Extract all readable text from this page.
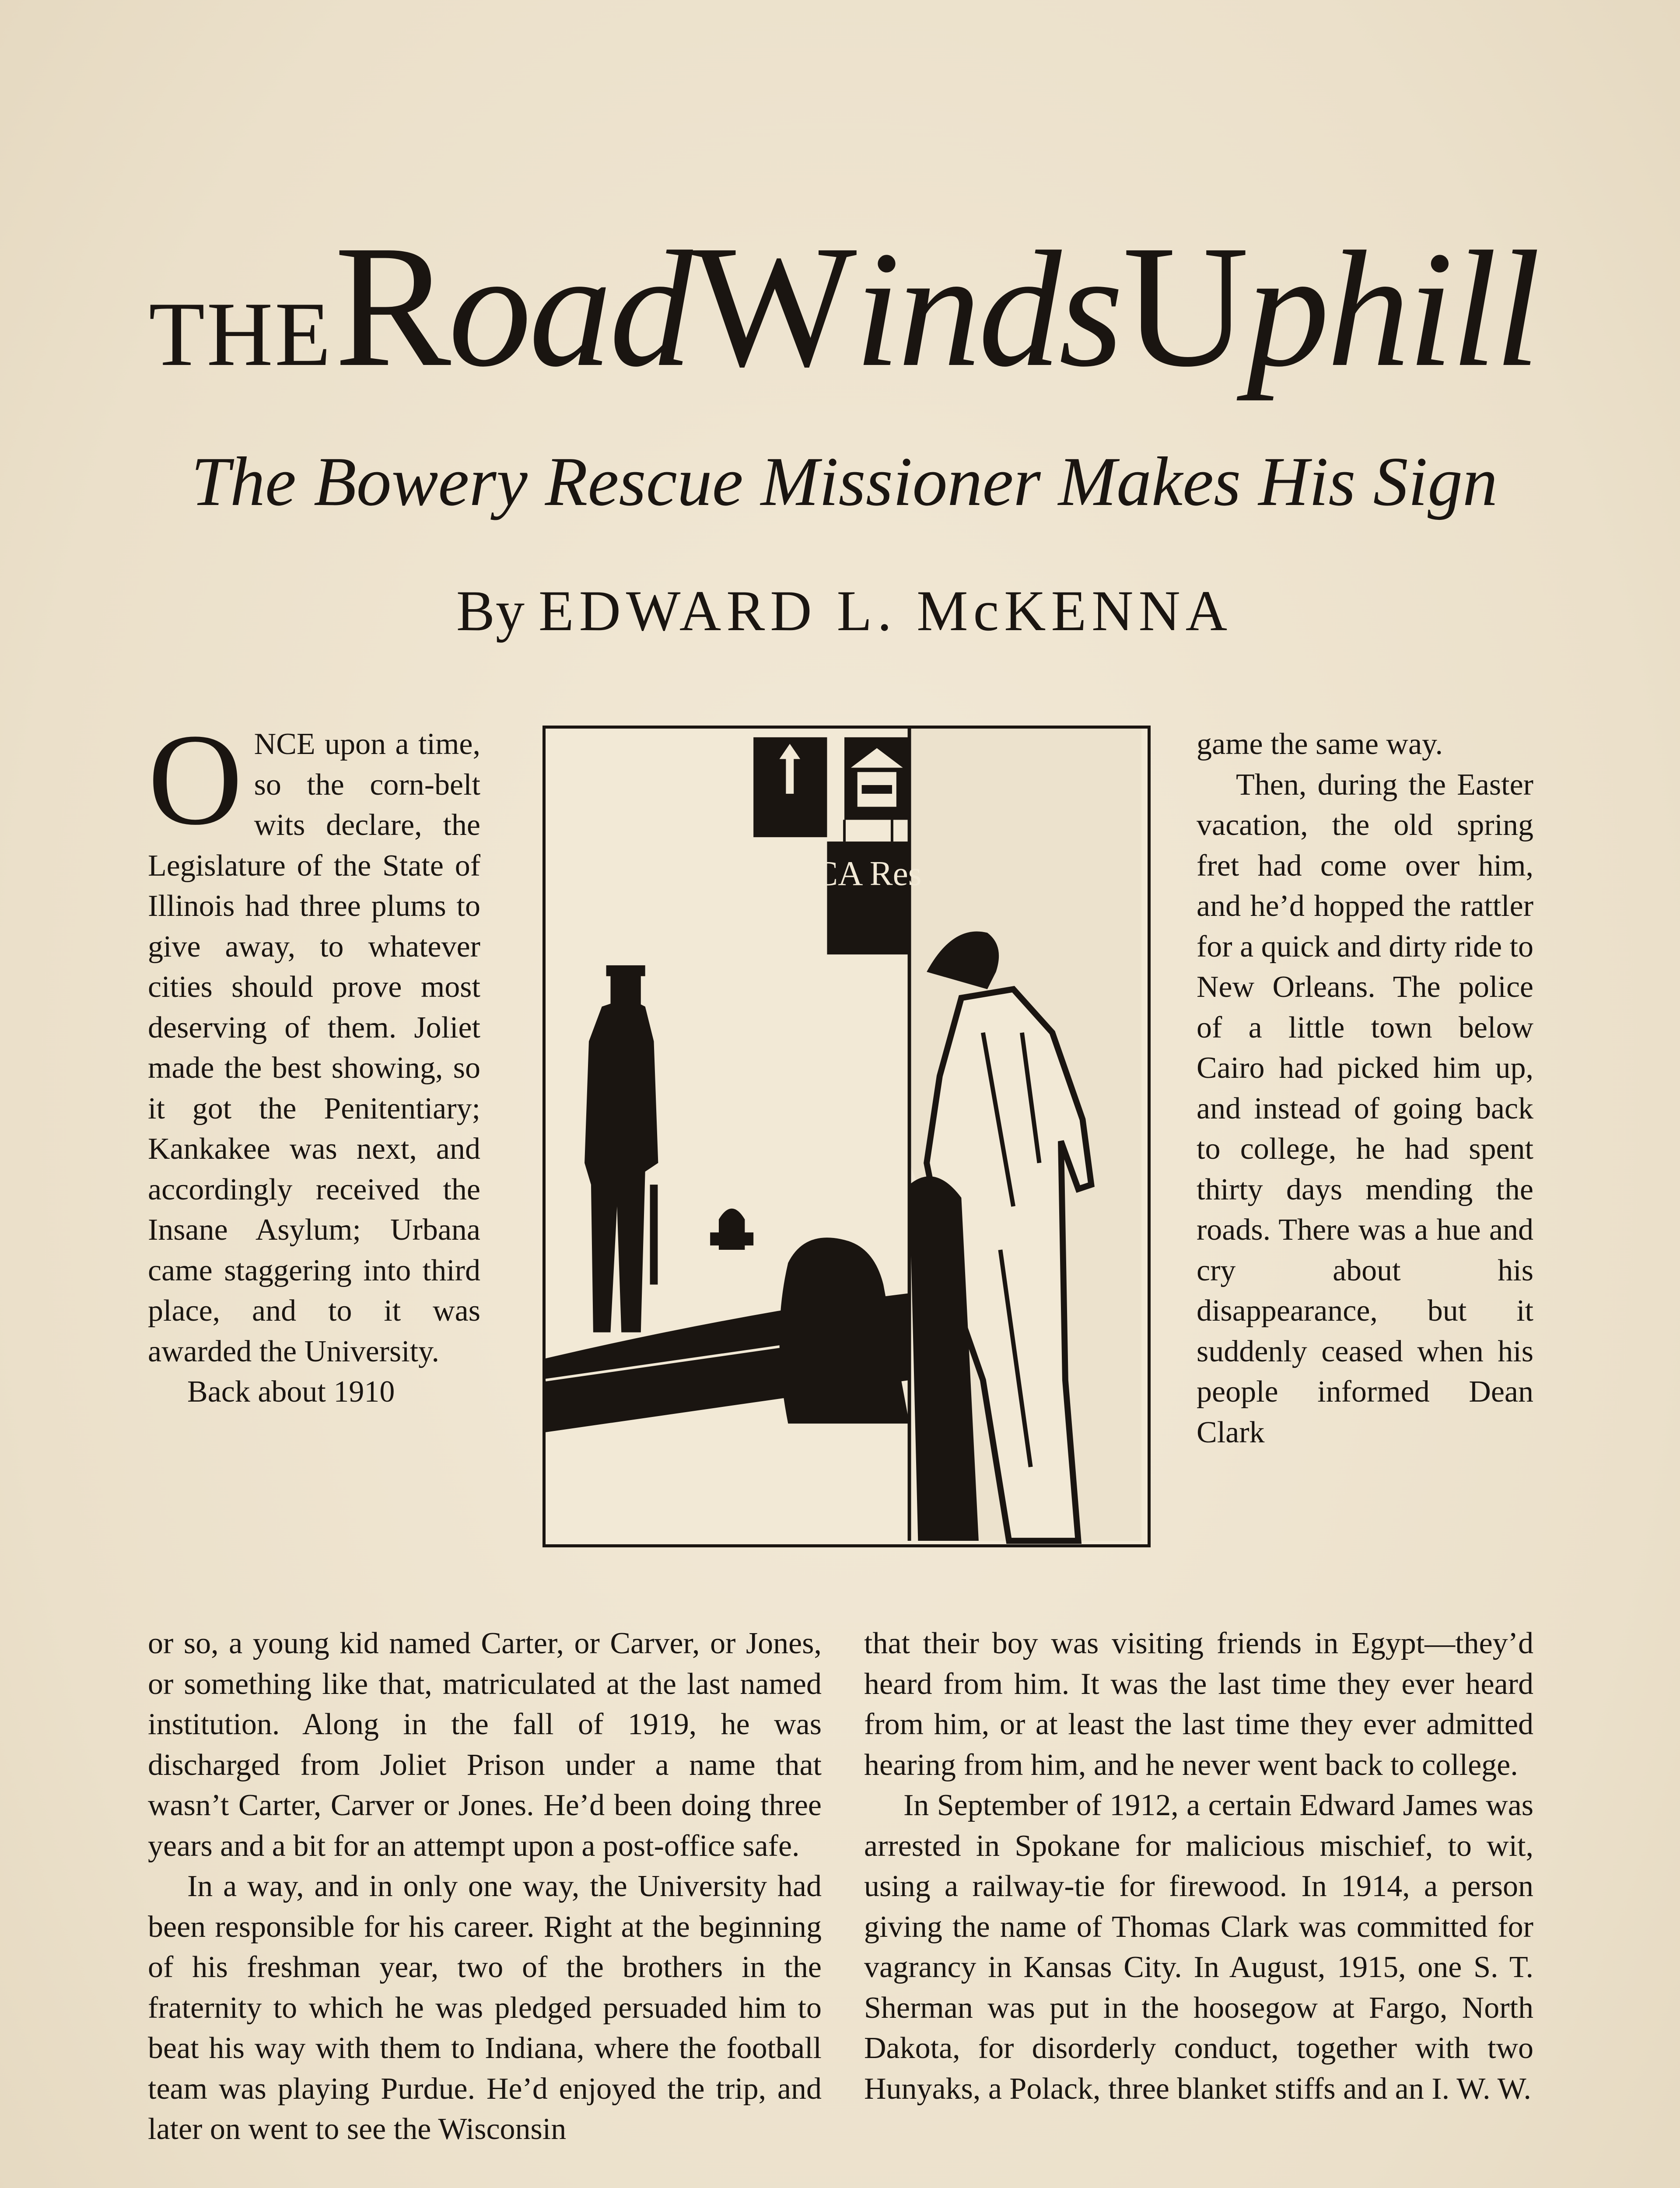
THE Road Winds Uphill
The Bowery Rescue Missioner Makes His Sign
By EDWARD L. McKENNA

ONCE upon a time, so the corn-belt wits declare, the Legislature of the State of Illinois had three plums to give away, to whatever cities should prove most deserving of them. Joliet made the best showing, so it got the Penitentiary; Kankakee was next, and accordingly received the Insane Asylum; Urbana came staggering into third place, and to it was awarded the University.

Back about 1910

CA Res

game the same way.

Then, during the Easter vacation, the old spring fret had come over him, and he’d hopped the rattler for a quick and dirty ride to New Orleans. The police of a little town below Cairo had picked him up, and instead of going back to college, he had spent thirty days mending the roads. There was a hue and cry about his disappearance, but it suddenly ceased when his people informed Dean Clark

or so, a young kid named Carter, or Carver, or Jones, or something like that, matriculated at the last named institution. Along in the fall of 1919, he was discharged from Joliet Prison under a name that wasn’t Carter, Carver or Jones. He’d been doing three years and a bit for an attempt upon a post-office safe.

In a way, and in only one way, the University had been responsible for his career. Right at the beginning of his freshman year, two of the brothers in the fraternity to which he was pledged persuaded him to beat his way with them to Indiana, where the football team was playing Purdue. He’d enjoyed the trip, and later on went to see the Wisconsin

that their boy was visiting friends in Egypt—they’d heard from him. It was the last time they ever heard from him, or at least the last time they ever admitted hearing from him, and he never went back to college.

In September of 1912, a certain Edward James was arrested in Spokane for malicious mischief, to wit, using a railway-tie for firewood. In 1914, a person giving the name of Thomas Clark was committed for vagrancy in Kansas City. In August, 1915, one S. T. Sherman was put in the hoosegow at Fargo, North Dakota, for disorderly conduct, together with two Hunyaks, a Polack, three blanket stiffs and an I. W. W.
